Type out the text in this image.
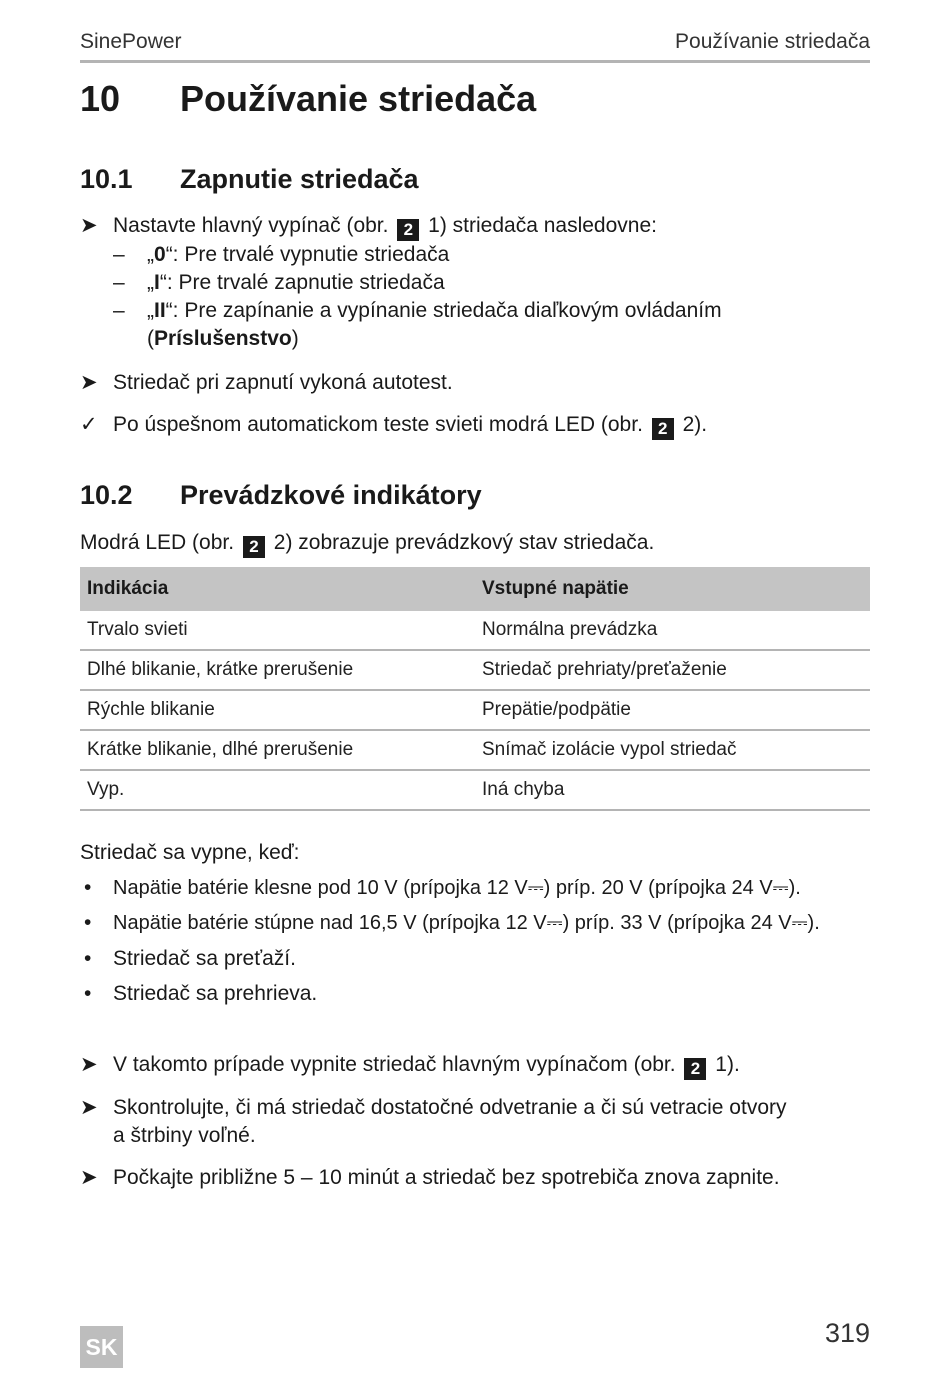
SinePower	Používanie striedača
10 Používanie striedača
10.1 Zapnutie striedača
➤ Nastavte hlavný vypínač (obr. 2 1) striedača nasledovne:
– „0“: Pre trvalé vypnutie striedača
– „I“: Pre trvalé zapnutie striedača
– „II“: Pre zapínanie a vypínanie striedača diaľkovým ovládaním
(Príslušenstvo)
➤ Striedač pri zapnutí vykoná autotest.
✓ Po úspešnom automatickom teste svieti modrá LED (obr. 2 2).
10.2 Prevádzkové indikátory
Modrá LED (obr. 2 2) zobrazuje prevádzkový stav striedača.
Indikácia	Vstupné napätie
Trvalo svieti	Normálna prevádzka
Dlhé blikanie, krátke prerušenie	Striedač prehriaty/preťaženie
Rýchle blikanie	Prepätie/podpätie
Krátke blikanie, dlhé prerušenie	Snímač izolácie vypol striedač
Vyp.	Iná chyba
Striedač sa vypne, keď:
• Napätie batérie klesne pod 10 V (prípojka 12 V⎓) príp. 20 V (prípojka 24 V⎓).
• Napätie batérie stúpne nad 16,5 V (prípojka 12 V⎓) príp. 33 V (prípojka 24 V⎓).
• Striedač sa preťaží.
• Striedač sa prehrieva.
➤ V takomto prípade vypnite striedač hlavným vypínačom (obr. 2 1).
➤ Skontrolujte, či má striedač dostatočné odvetranie a či sú vetracie otvory
a štrbiny voľné.
➤ Počkajte približne 5 – 10 minút a striedač bez spotrebiča znova zapnite.
SK	319
